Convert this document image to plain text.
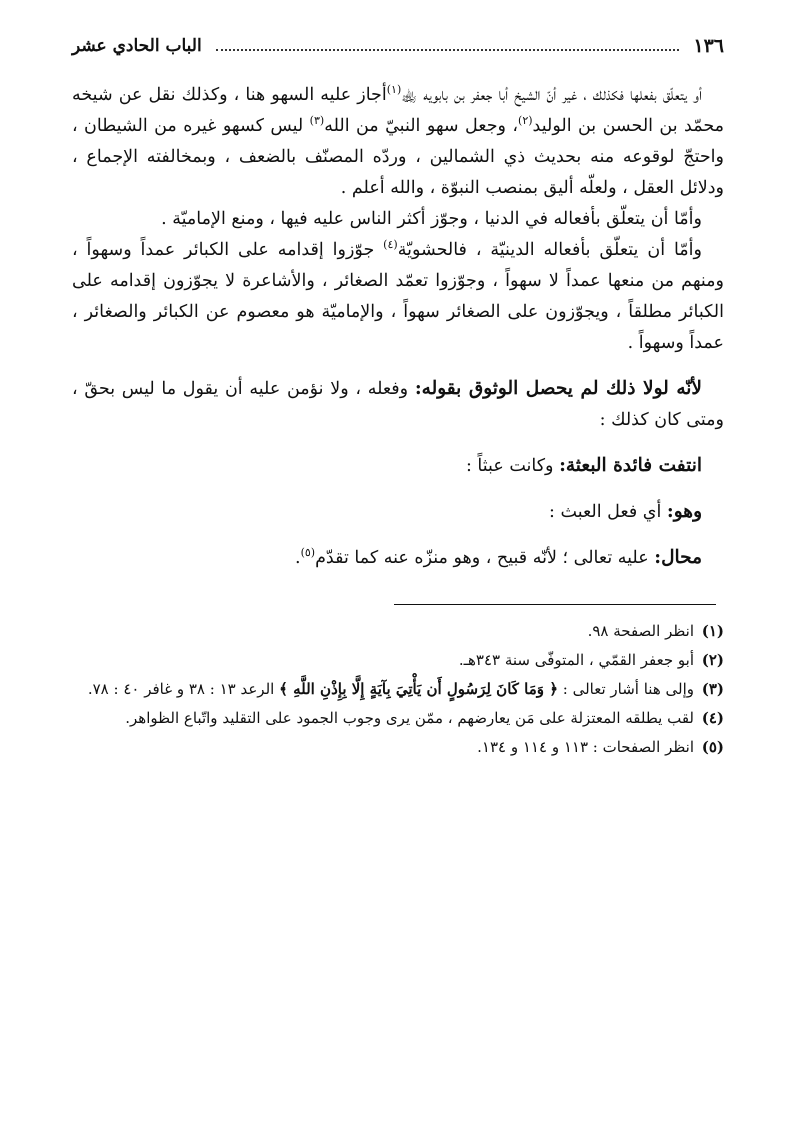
١٣٦
الباب الحادي عشر

أو يتعلّق بفعلها فكذلك ، غير أنّ الشيخ أبا جعفر بن بابويه ﵀$^{(١)}$أجاز عليه السهو هنا ، وكذلك نقل عن شيخه محمّد بن الحسن بن الوليد$^{(٢)}$، وجعل سهو النبيّ من الله$^{(٣)}$ ليس كسهو غيره من الشيطان ، واحتجّ لوقوعه منه بحديث ذي الشمالين ، وردّه المصنّف بالضعف ، وبمخالفته الإجماع ، ودلائل العقل ، ولعلّه أليق بمنصب النبوّة ، والله أعلم .

وأمّا أن يتعلّق بأفعاله في الدنيا ، وجوّز أكثر الناس عليه فيها ، ومنع الإماميّة .

وأمّا أن يتعلّق بأفعاله الدينيّة ، فالحشويّة$^{(٤)}$ جوّزوا إقدامه على الكبائر عمداً وسهواً ، ومنهم من منعها عمداً لا سهواً ، وجوّزوا تعمّد الصغائر ، والأشاعرة لا يجوّزون إقدامه على الكبائر مطلقاً ، ويجوّزون على الصغائر سهواً ، والإماميّة هو معصوم عن الكبائر والصغائر ، عمداً وسهواً .

لأنّه لولا ذلك لم يحصل الوثوق بقوله: وفعله ، ولا نؤمن عليه أن يقول ما ليس بحقّ ، ومتى كان كذلك :

انتفت فائدة البعثة: وكانت عبثاً :

وهو: أي فعل العبث :

محال: عليه تعالى ؛ لأنّه قبيح ، وهو منزّه عنه كما تقدّم$^{(٥)}$.

(١)
انظر الصفحة ٩٨.
(٢)
أبو جعفر القمّي ، المتوفّى سنة ٣٤٣هـ.
(٣)
وإلى هنا أشار تعالى : ﴿ وَمَا كَانَ لِرَسُولٍ أَن يَأْتِيَ بِآيَةٍ إِلَّا بِإِذْنِ اللَّهِ ﴾ الرعد ١٣ : ٣٨ و غافر ٤٠ : ٧٨.
(٤)
لقب يطلقه المعتزلة على مَن يعارضهم ، ممّن يرى وجوب الجمود على التقليد واتّباع الظواهر.
(٥)
انظر الصفحات : ١١٣ و ١١٤ و ١٣٤.
